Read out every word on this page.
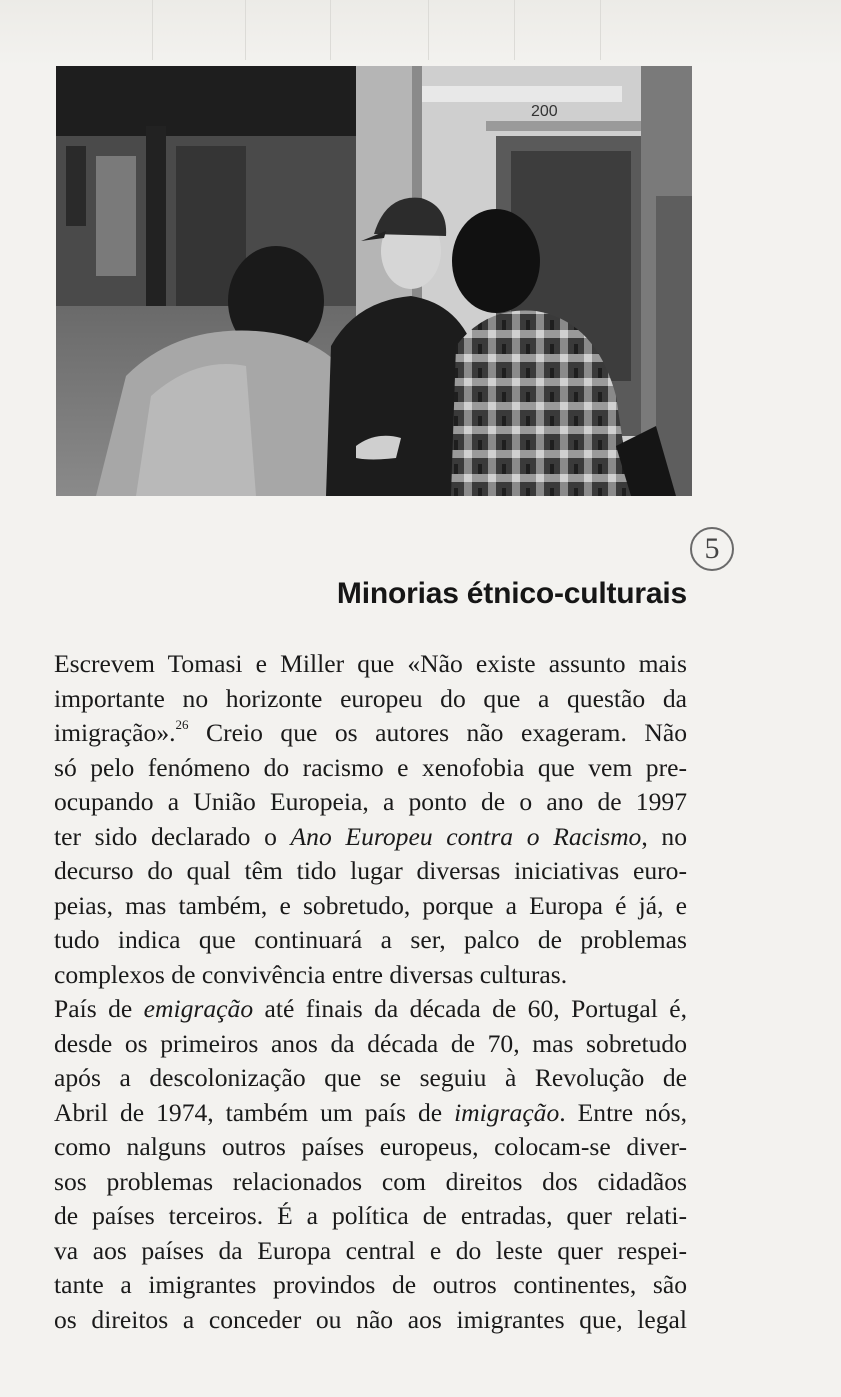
200
5
Minorias étnico-culturais
Escrevem Tomasi e Miller que «Não existe assunto mais
importante no horizonte europeu do que a questão da
imigração».$^{26}$ Creio que os autores não exageram. Não
só pelo fenómeno do racismo e xenofobia que vem pre-
ocupando a União Europeia, a ponto de o ano de 1997
ter sido declarado o Ano Europeu contra o Racismo, no
decurso do qual têm tido lugar diversas iniciativas euro-
peias, mas também, e sobretudo, porque a Europa é já, e
tudo indica que continuará a ser, palco de problemas
complexos de convivência entre diversas culturas.
País de emigração até finais da década de 60, Portugal é,
desde os primeiros anos da década de 70, mas sobretudo
após a descolonização que se seguiu à Revolução de
Abril de 1974, também um país de imigração. Entre nós,
como nalguns outros países europeus, colocam-se diver-
sos problemas relacionados com direitos dos cidadãos
de países terceiros. É a política de entradas, quer relati-
va aos países da Europa central e do leste quer respei-
tante a imigrantes provindos de outros continentes, são
os direitos a conceder ou não aos imigrantes que, legal
